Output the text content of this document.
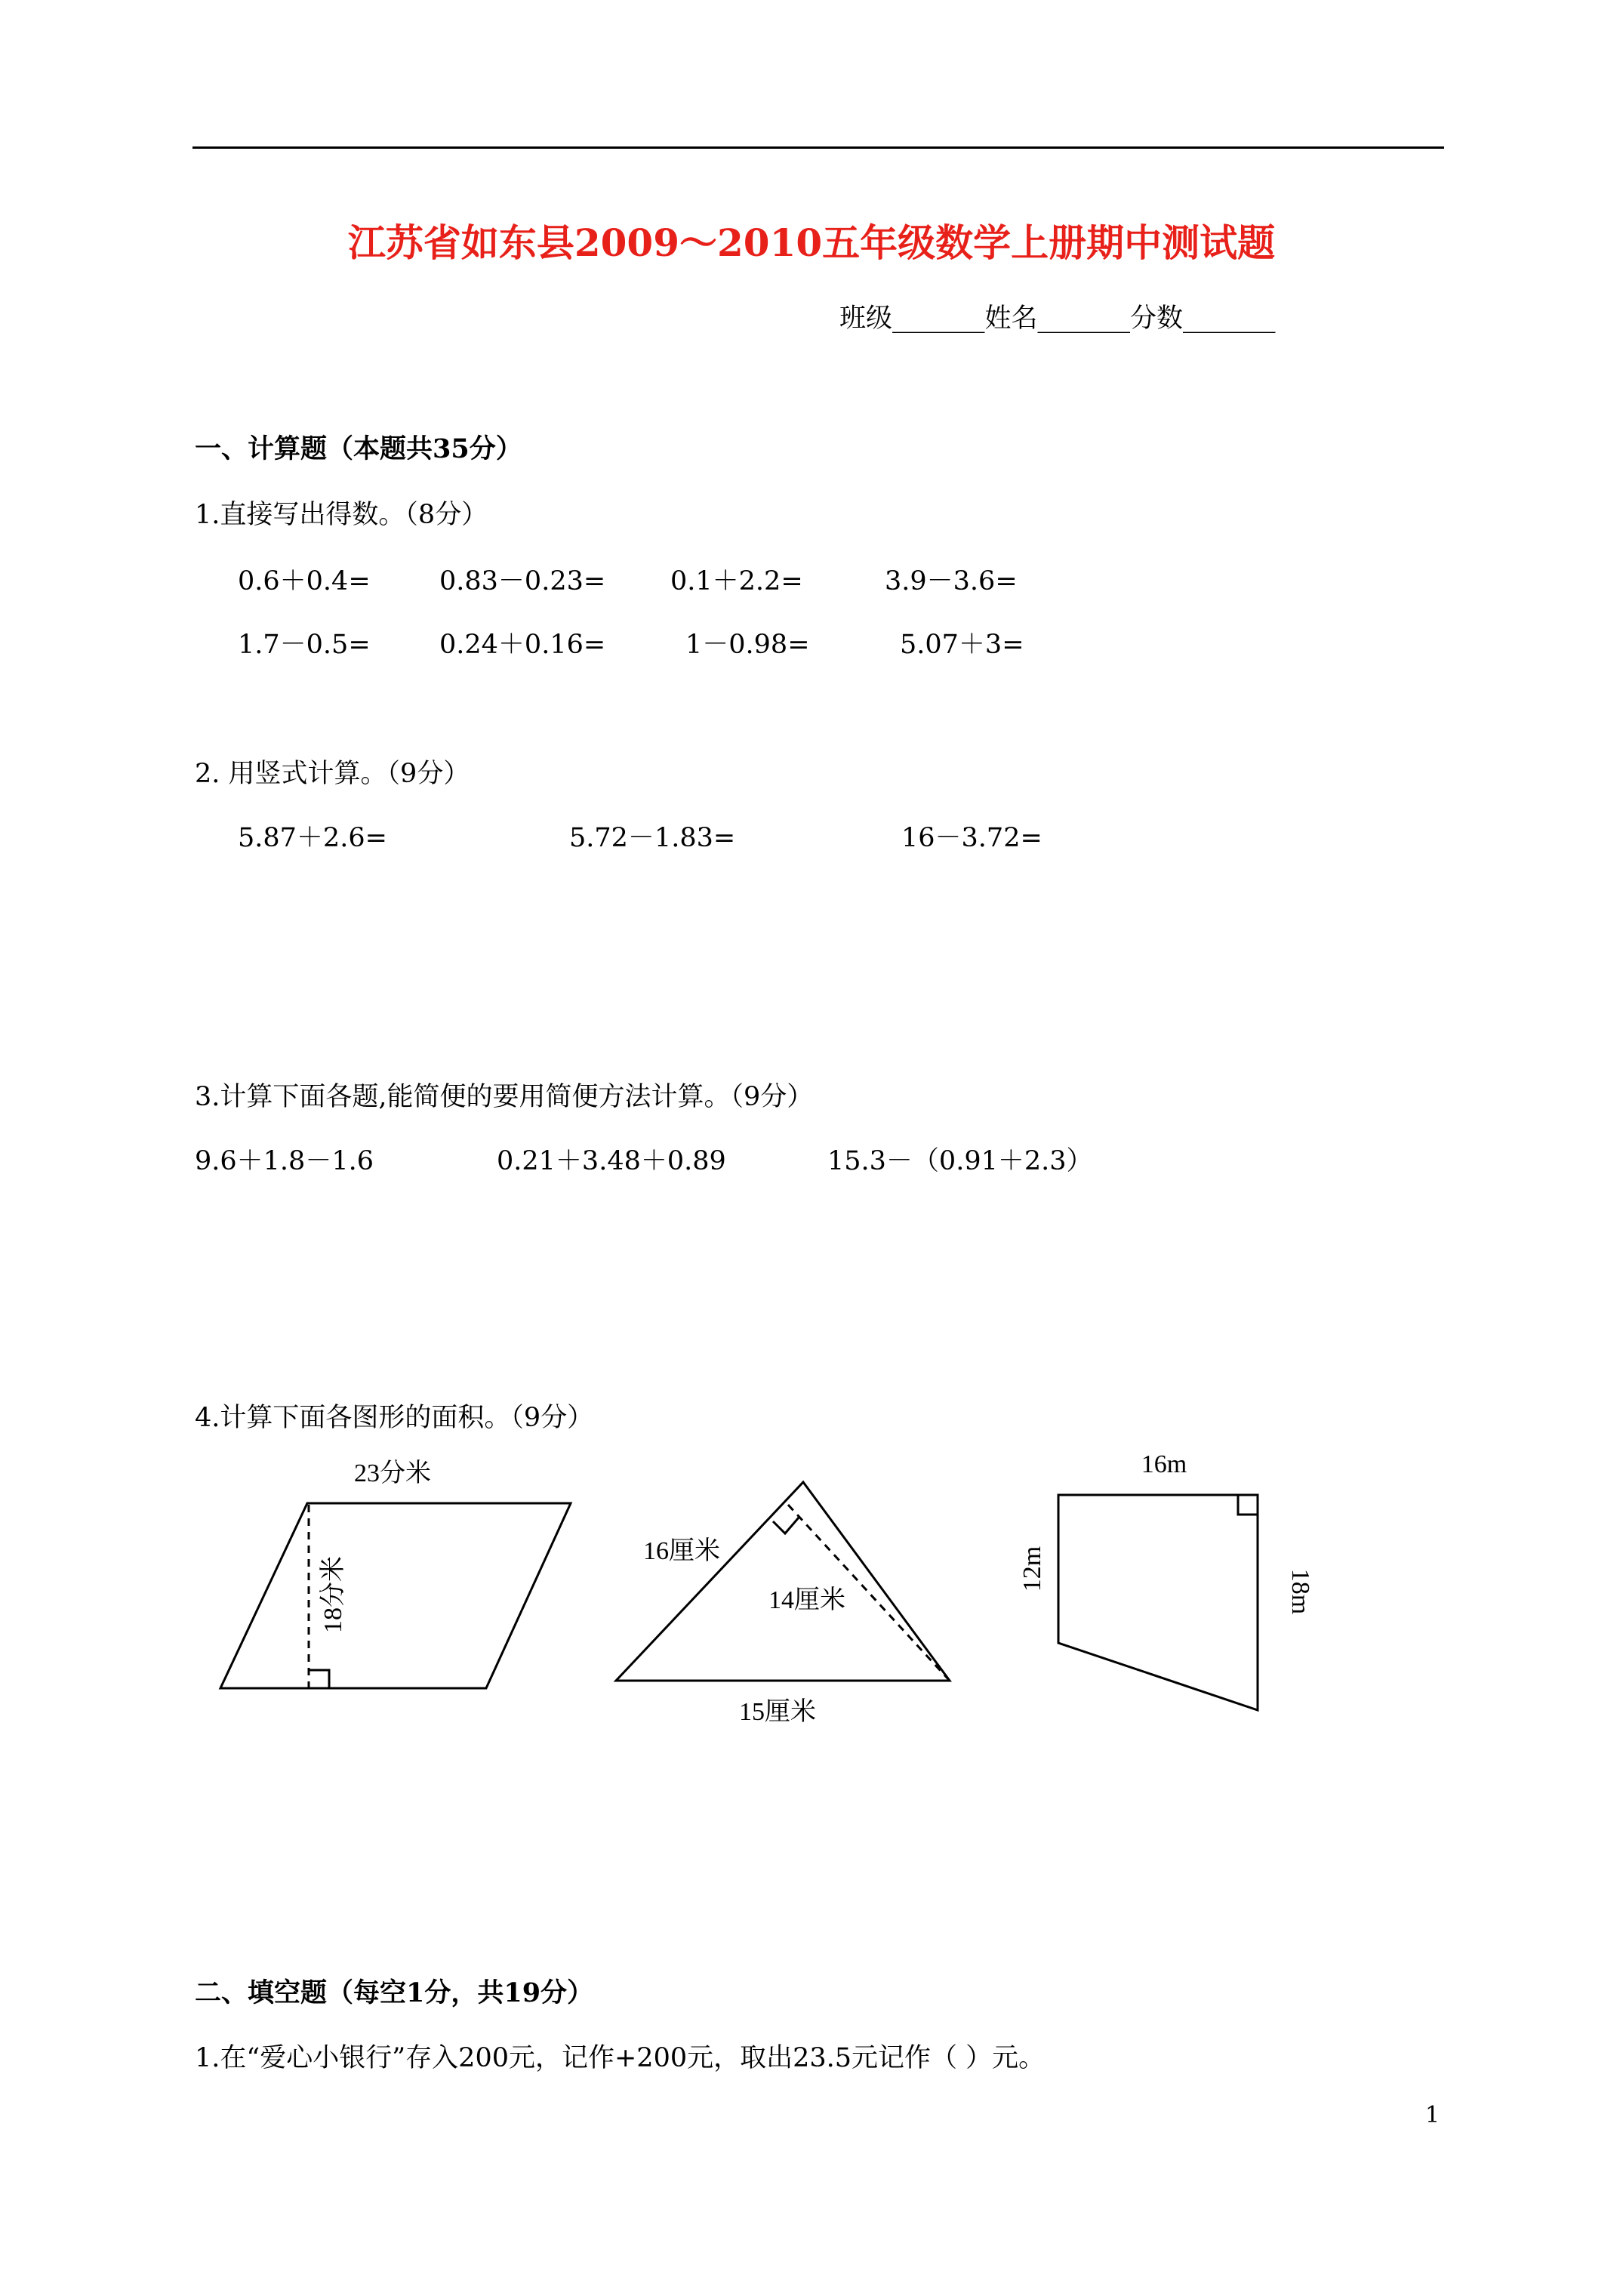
江苏省如东县2009～2010五年级数学上册期中测试题
班级_______姓名_______分数_______
一、计算题（本题共35分）
1.直接写出得数。（8分）
0.6＋0.4=	0.83－0.23= 0.1＋2.2=	3.9－3.6=
1.7－0.5=	0.24＋0.16=	1－0.98=	5.07＋3=
2. 用竖式计算。（9分）
5.87＋2.6=	5.72－1.83=	16－3.72=
3.计算下面各题,能简便的要用简便方法计算。（9分）
9.6＋1.8－1.6	0.21＋3.48＋0.89	15.3－（0.91＋2.3）
4.计算下面各图形的面积。（9分）
23分米
18分米
16厘米
14厘米
15厘米
16m
12m	18m
二、填空题（每空1分，共19分）
1.在“爱心小银行”存入200元，记作+200元，取出23.5元记作（ ）元。
1
